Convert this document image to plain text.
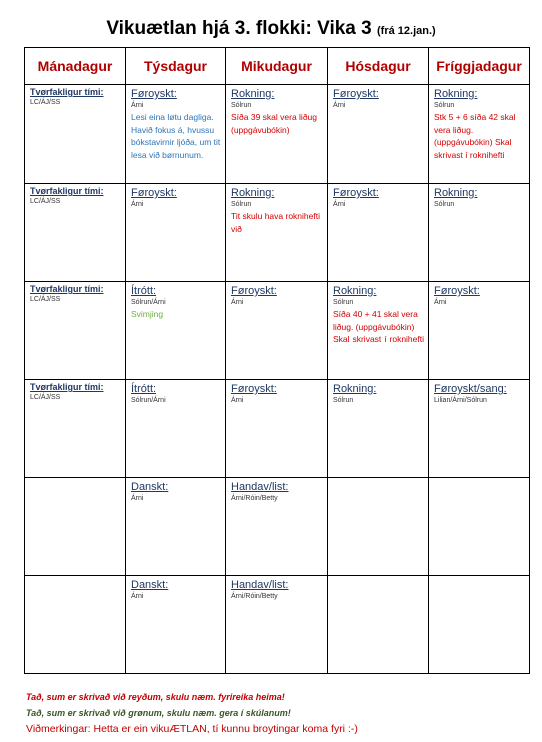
Vikuætlan hjá 3. flokki: Vika 3 (frá 12.jan.)
Mánadagur	Týsdagur	Mikudagur	Hósdagur	Fríggjadagur

Tvørfakligur tími:
LC/ÁJ/SS	Føroyskt:
Árni
Lesi eina løtu dagliga. Havið fokus á, hvussu bókstavirnir ljóða, um tit lesa við børnunum.	Rokning:
Sólrun
Síða 39 skal vera liðug (uppgávubókin)	Føroyskt:
Árni	Rokning:
Sólrun
Stk 5 + 6 síða 42 skal vera liðug. (uppgávubókin) Skal skrivast í roknihefti

Tvørfakligur tími:
LC/ÁJ/SS	Føroyskt:
Árni	Rokning:
Sólrun
Tit skulu hava roknihefti við	Føroyskt:
Árni	Rokning:
Sólrun

Tvørfakligur tími:
LC/ÁJ/SS	Ítrótt:
Sólrun/Árni
Svimjing	Føroyskt:
Árni	Rokning:
Sólrun
Síða 40 + 41 skal vera liðug. (uppgávubókin)
Skal skrivast í roknihefti	Føroyskt:
Árni

Tvørfakligur tími:
LC/ÁJ/SS	Ítrótt:
Sólrun/Árni	Føroyskt:
Árni	Rokning:
Sólrun	Føroyskt/sang:
Lilian/Árni/Sólrun

	Danskt:
Árni	Handav/list:
Árni/Róin/Betty		

	Danskt:
Árni	Handav/list:
Árni/Róin/Betty		

Tað, sum er skrivað við reyðum, skulu næm. fyrireika heima!
Tað, sum er skrivað við grønum, skulu næm. gera í skúlanum!
Viðmerkingar: Hetta er ein vikuÆTLAN, tí kunnu broytingar koma fyri :-)
